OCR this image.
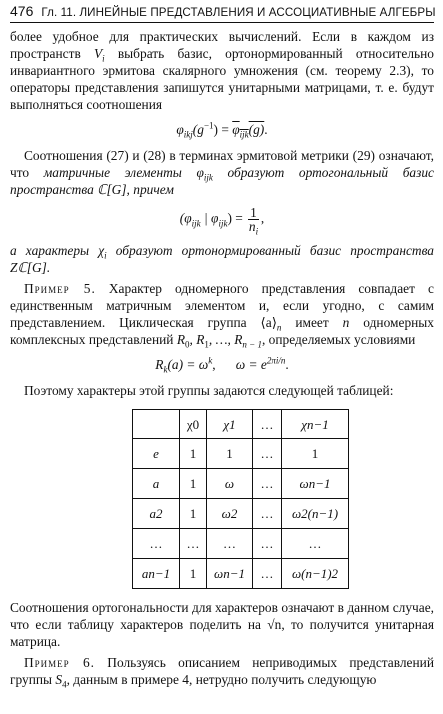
476 Гл. 11. ЛИНЕЙНЫЕ ПРЕДСТАВЛЕНИЯ И АССОЦИАТИВНЫЕ АЛГЕБРЫ

более удобное для практических вычислений. Если в каждом из пространств $V_i$ выбрать базис, ортонормированный относительно инвариантного эрмитова скалярного умножения (см. теорему 2.3), то операторы представления запишутся унитарными матрицами, т. е. будут выполняться соотношения

$\varphi_{ikj}(g^{-1}) = \varphi_{ijk}(g)$.

Соотношения (27) и (28) в терминах эрмитовой метрики (29) означают, что матричные элементы $\varphi_{ijk}$ образуют ортогональный базис пространства ℂ[G], причем

($\varphi_{ijk}$ | $\varphi_{ijk}) = \frac{1}{n_i}$ ,

а характеры $\chi_i$ образуют ортонормированный базис пространства Zℂ[G].

Пример 5. Характер одномерного представления совпадает с единственным матричным элементом и, если угодно, с самим представлением. Циклическая группа $⟨a⟩_n$ имеет n одномерных комплексных представлений $R_0$, $R_1$, …, $R_{n - 1}$, определяемых условиями

$R_k(a) = \omega^k$,      $\omega = e^{2\pi i/n}$.

Поэтому характеры этой группы задаются следующей таблицей:

	χ0	χ1	…	χn−1
e	1	1	…	1
a	1	ω	…	ωn−1
a2	1	ω2	…	ω2(n−1)
…	…	…	…	…
an−1	1	ωn−1	…	ω(n−1)2

Соотношения ортогональности для характеров означают в данном случае, что если таблицу характеров поделить на √n, то получится унитарная матрица.

Пример 6. Пользуясь описанием неприводимых представлений группы $S_4$, данным в примере 4, нетрудно получить следующую
